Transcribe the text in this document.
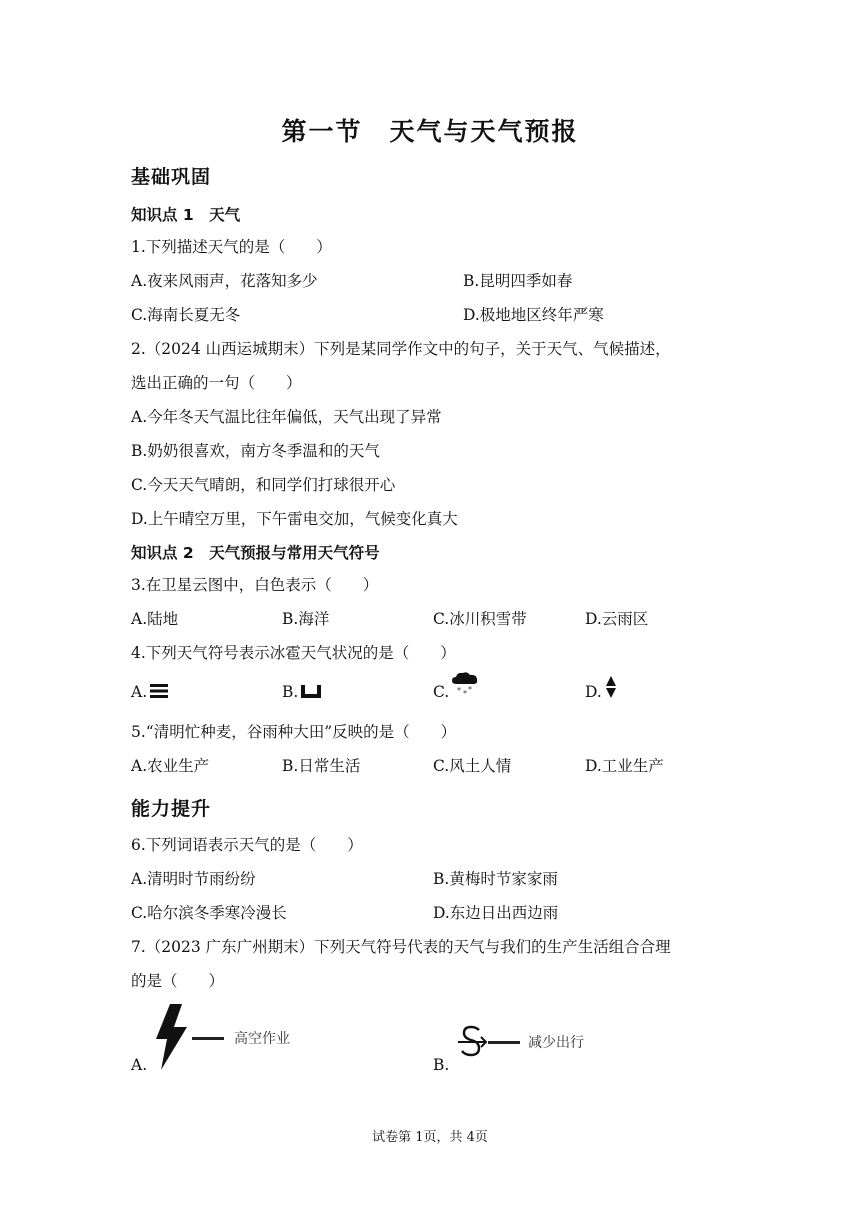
第一节　天气与天气预报
基础巩固
知识点 1　天气
1.下列描述天气的是（　　）
A.夜来风雨声，花落知多少	B.昆明四季如春
C.海南长夏无冬	D.极地地区终年严寒
2.（2024 山西运城期末）下列是某同学作文中的句子，关于天气、气候描述，
选出正确的一句（　　）
A.今年冬天气温比往年偏低，天气出现了异常
B.奶奶很喜欢，南方冬季温和的天气
C.今天天气晴朗，和同学们打球很开心
D.上午晴空万里，下午雷电交加，气候变化真大
知识点 2　天气预报与常用天气符号
3.在卫星云图中，白色表示（　　）
A.陆地	B.海洋	C.冰川积雪带	D.云雨区
4.下列天气符号表示冰雹天气状况的是（　　）
A.	B.	C. * * *	D.
5.“清明忙种麦，谷雨种大田”反映的是（　　）
A.农业生产	B.日常生活	C.风土人情	D.工业生产
能力提升
6.下列词语表示天气的是（　　）
A.清明时节雨纷纷	B.黄梅时节家家雨
C.哈尔滨冬季寒冷漫长	D.东边日出西边雨
7.（2023 广东广州期末）下列天气符号代表的天气与我们的生产生活组合合理
的是（　　）
A.
高空作业
B.
减少出行
试卷第 1页，共 4页
